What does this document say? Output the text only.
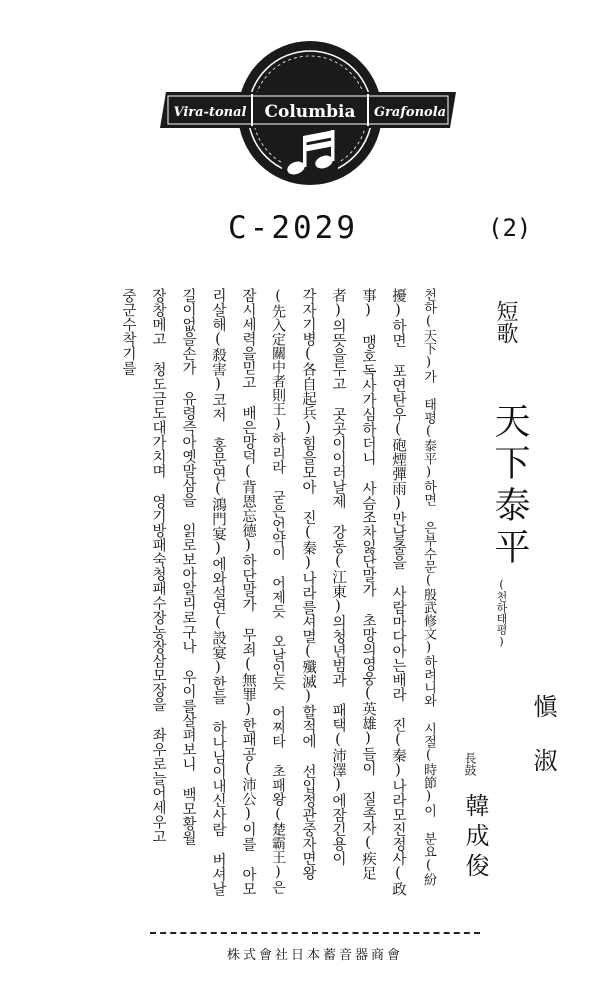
Vira-tonal Columbia Grafonola
C-2029	(2)
短歌
天下泰平
(천하태평)
愼淑
長鼓
韓成俊
천하(天下)가 태평(泰平)하면 은부수문(殷武修文)하려니와 시절(時節)이 분요(紛
擾)하면 포연탄우(砲煙彈雨)만날줄을 사람마다아는배라 진(秦)나라모진정사(政
事) 맹호독사가심하더니 사슴조차잃단말가 초망의영웅(英雄)들이 질족자(疾足
者)의뜻을두고 곳곳이이러날제 강동(江東)의청년범과 패택(沛澤)에잠긴용이
각자기병(各自起兵)힘을모아 진(秦)나라를셔멸(殲滅)할적에 선입정관중자면왕
(先入定關中者則王)하리라 굳은언약이 어제듯 오날인듯 어찌타 초패왕(楚霸王)은
잠시세력을믿고 배은망덕(背恩忘德)하단말가 무죄(無罪)한패공(沛公)이를 아모
리살해(殺害)코저 홍문연(鴻門宴)에와설연(設宴)한들 하나님이내신사람 버셔날
길이없을손가 유령즉아옛말삼을 읽로보아알리로구나 우이를살펴보니 백모황월
장창메고 청도금도대가치며 영기방패숙청패수장농장삼모장을 좌우로늘어세우고
중군수착기를
株式會社日本蓄音器商會
